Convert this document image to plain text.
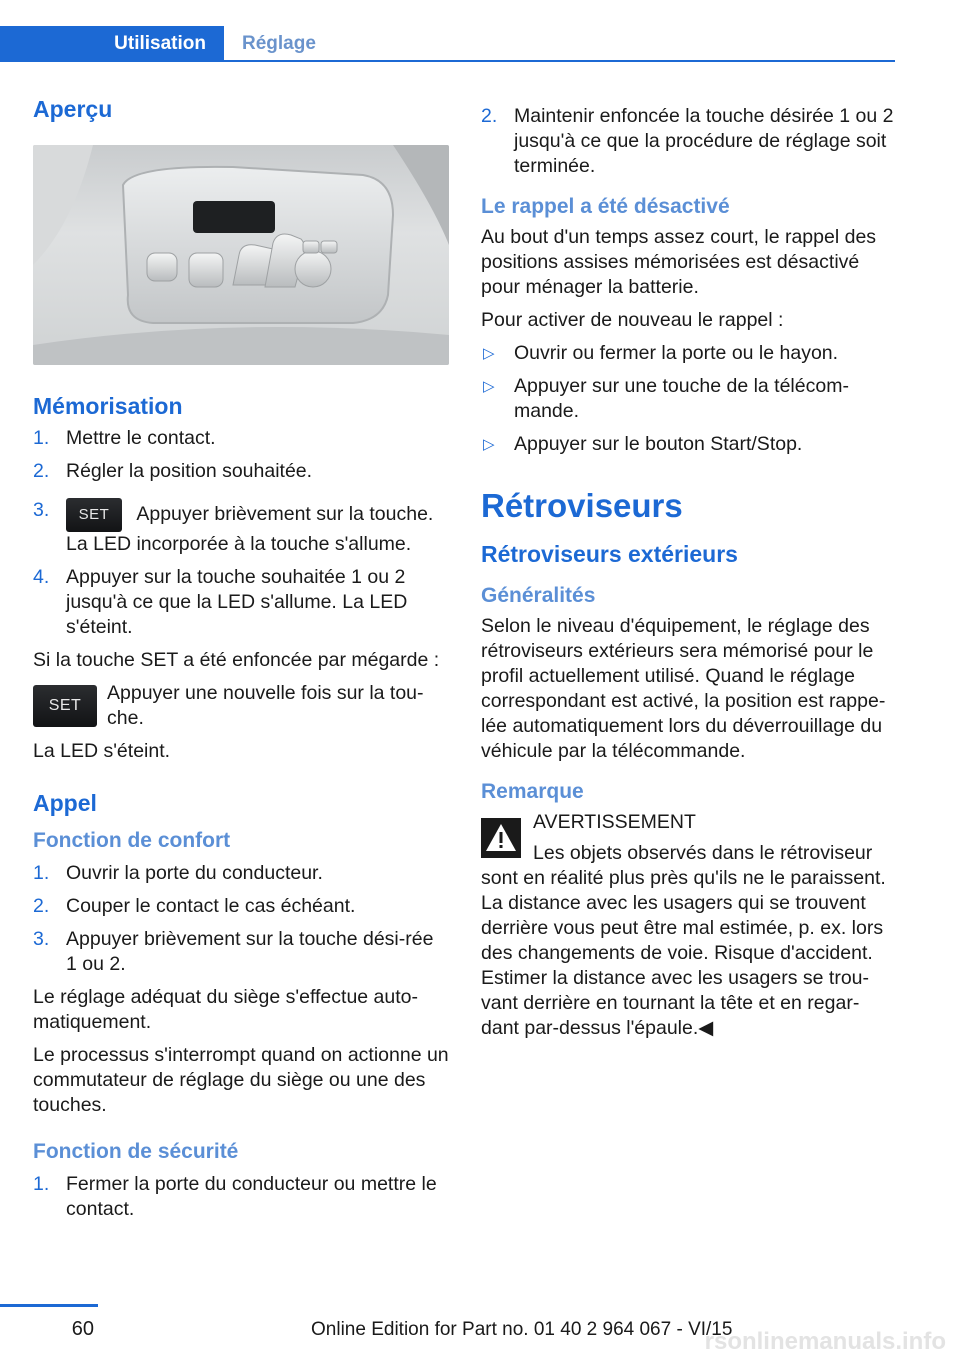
Utilisation	Réglage
Aperçu
Mémorisation
1. Mettre le contact.
2. Régler la position souhaitée.
3. SET Appuyer brièvement sur la touche. La LED incorporée à la touche s'allume.
4. Appuyer sur la touche souhaitée 1 ou 2 jusqu'à ce que la LED s'allume. La LED s'éteint.

Si la touche SET a été enfoncée par mégarde :

SET

Appuyer une nouvelle fois sur la tou‐che.

La LED s'éteint.

Appel
Fonction de confort
1. Ouvrir la porte du conducteur.
2. Couper le contact le cas échéant.
3. Appuyer brièvement sur la touche dési‐rée 1 ou 2.

Le réglage adéquat du siège s'effectue auto‐matiquement.

Le processus s'interrompt quand on actionne un commutateur de réglage du siège ou une des touches.

Fonction de sécurité
1. Fermer la porte du conducteur ou mettre le contact.
2. Maintenir enfoncée la touche désirée 1 ou 2 jusqu'à ce que la procédure de réglage soit terminée.
Le rappel a été désactivé

Au bout d'un temps assez court, le rappel des positions assises mémorisées est désactivé pour ménager la batterie.

Pour activer de nouveau le rappel :

▷ Ouvrir ou fermer la porte ou le hayon.
▷ Appuyer sur une touche de la télécom‐mande.
▷ Appuyer sur le bouton Start/Stop.
Rétroviseurs
Rétroviseurs extérieurs
Généralités

Selon le niveau d'équipement, le réglage des rétroviseurs extérieurs sera mémorisé pour le profil actuellement utilisé. Quand le réglage correspondant est activé, la position est rappe‐lée automatiquement lors du déverrouillage du véhicule par la télécommande.

Remarque

AVERTISSEMENT

Les objets observés dans le rétroviseur

sont en réalité plus près qu'ils ne le paraissent. La distance avec les usagers qui se trouvent derrière vous peut être mal estimée, p. ex. lors des changements de voie. Risque d'accident. Estimer la distance avec les usagers se trou‐vant derrière en tournant la tête et en regar‐dant par-dessus l'épaule.◀

60	Online Edition for Part no. 01 40 2 964 067 - VI/15
rsonlinemanuals.info
